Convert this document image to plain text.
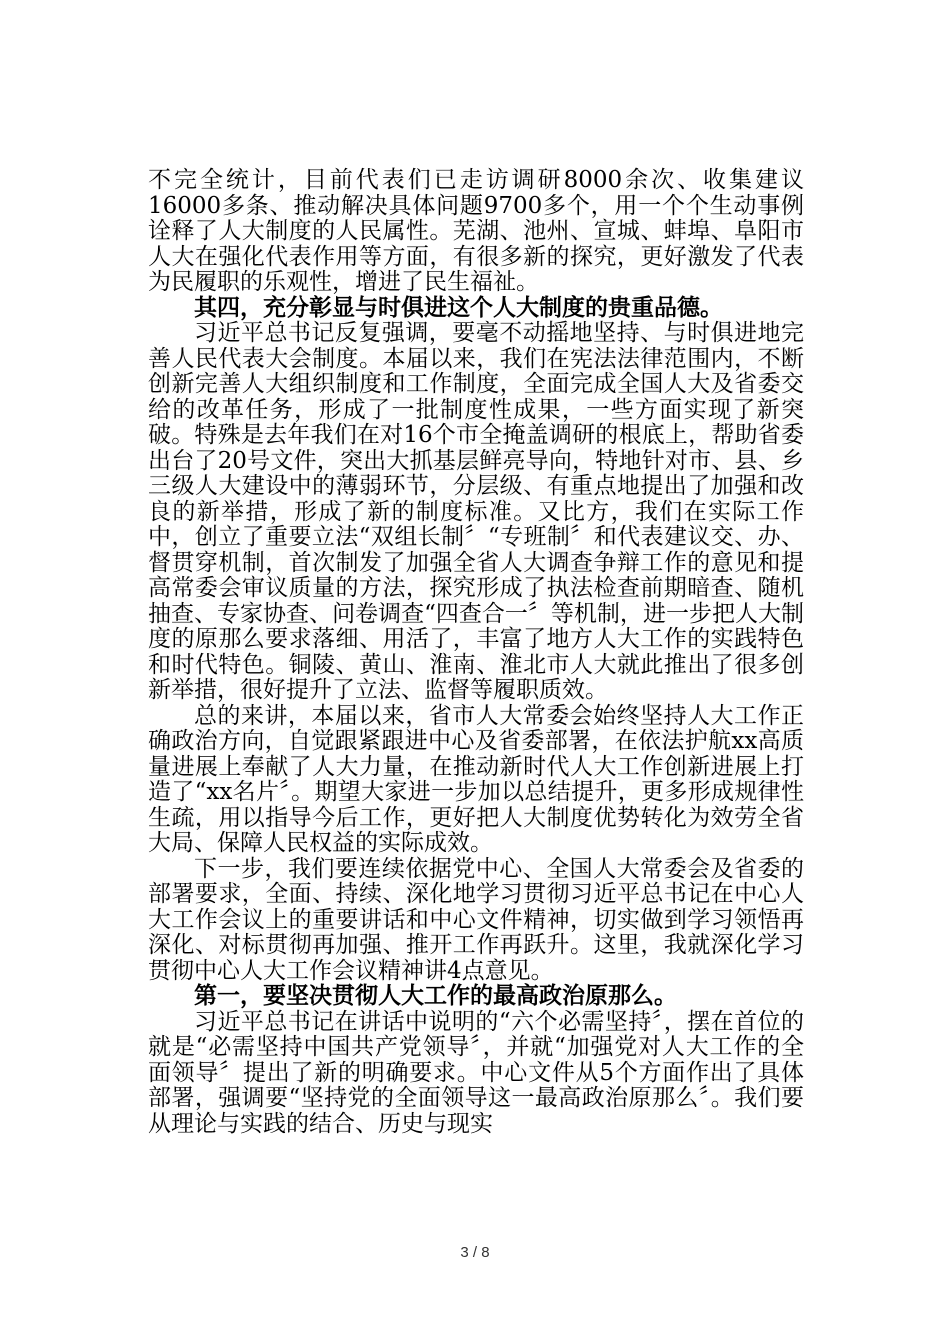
不完全统计，目前代表们已走访调研8000余次、收集建议16000多条、推动解决具体问题9700多个，用一个个生动事例诠释了人大制度的人民属性。芜湖、池州、宣城、蚌埠、阜阳市人大在强化代表作用等方面，有很多新的探究，更好激发了代表为民履职的乐观性，增进了民生福祉。

其四，充分彰显与时俱进这个人大制度的贵重品德。

习近平总书记反复强调，要毫不动摇地坚持、与时俱进地完善人民代表大会制度。本届以来，我们在宪法法律范围内，不断创新完善人大组织制度和工作制度，全面完成全国人大及省委交给的改革任务，形成了一批制度性成果，一些方面实现了新突破。特殊是去年我们在对16个市全掩盖调研的根底上，帮助省委出台了20号文件，突出大抓基层鲜亮导向，特地针对市、县、乡三级人大建设中的薄弱环节，分层级、有重点地提出了加强和改良的新举措，形成了新的制度标准。又比方，我们在实际工作中，创立了重要立法“双组长制〞“专班制〞和代表建议交、办、督贯穿机制，首次制发了加强全省人大调查争辩工作的意见和提高常委会审议质量的方法，探究形成了执法检查前期暗查、随机抽查、专家协查、问卷调查“四查合一〞等机制，进一步把人大制度的原那么要求落细、用活了，丰富了地方人大工作的实践特色和时代特色。铜陵、黄山、淮南、淮北市人大就此推出了很多创新举措，很好提升了立法、监督等履职质效。

总的来讲，本届以来，省市人大常委会始终坚持人大工作正确政治方向，自觉跟紧跟进中心及省委部署，在依法护航xx高质量进展上奉献了人大力量，在推动新时代人大工作创新进展上打造了“xx名片〞。期望大家进一步加以总结提升，更多形成规律性生疏，用以指导今后工作，更好把人大制度优势转化为效劳全省大局、保障人民权益的实际成效。

下一步，我们要连续依据党中心、全国人大常委会及省委的部署要求，全面、持续、深化地学习贯彻习近平总书记在中心人大工作会议上的重要讲话和中心文件精神，切实做到学习领悟再深化、对标贯彻再加强、推开工作再跃升。这里，我就深化学习贯彻中心人大工作会议精神讲4点意见。

第一，要坚决贯彻人大工作的最高政治原那么。

习近平总书记在讲话中说明的“六个必需坚持〞，摆在首位的就是“必需坚持中国共产党领导〞，并就“加强党对人大工作的全面领导〞提出了新的明确要求。中心文件从5个方面作出了具体部署，强调要“坚持党的全面领导这一最高政治原那么〞。我们要从理论与实践的结合、历史与现实

3 / 8
